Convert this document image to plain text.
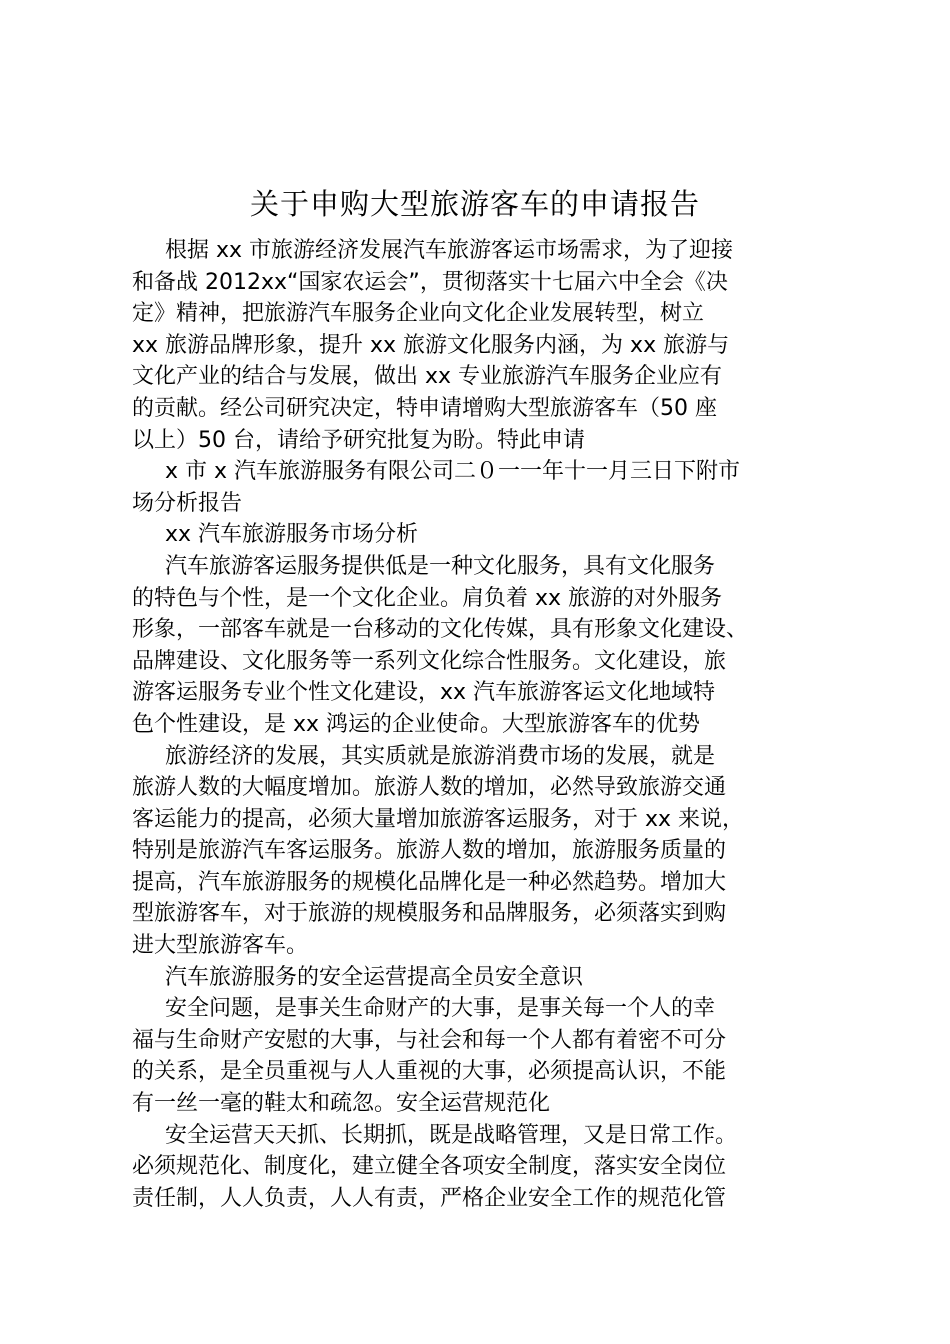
关于申购大型旅游客车的申请报告
根据 xx 市旅游经济发展汽车旅游客运市场需求，为了迎接
和备战 2012xx“国家农运会”，贯彻落实十七届六中全会《决
定》精神，把旅游汽车服务企业向文化企业发展转型，树立
xx 旅游品牌形象，提升 xx 旅游文化服务内涵，为 xx 旅游与
文化产业的结合与发展，做出 xx 专业旅游汽车服务企业应有
的贡献。经公司研究决定，特申请增购大型旅游客车（50 座
以上）50 台，请给予研究批复为盼。特此申请
x 市 x 汽车旅游服务有限公司二０一一年十一月三日下附市
场分析报告
xx 汽车旅游服务市场分析
汽车旅游客运服务提供低是一种文化服务，具有文化服务
的特色与个性，是一个文化企业。肩负着 xx 旅游的对外服务
形象，一部客车就是一台移动的文化传媒，具有形象文化建设、
品牌建设、文化服务等一系列文化综合性服务。文化建设，旅
游客运服务专业个性文化建设，xx 汽车旅游客运文化地域特
色个性建设，是 xx 鸿运的企业使命。大型旅游客车的优势
旅游经济的发展，其实质就是旅游消费市场的发展，就是
旅游人数的大幅度增加。旅游人数的增加，必然导致旅游交通
客运能力的提高，必须大量增加旅游客运服务，对于 xx 来说，
特别是旅游汽车客运服务。旅游人数的增加，旅游服务质量的
提高，汽车旅游服务的规模化品牌化是一种必然趋势。增加大
型旅游客车，对于旅游的规模服务和品牌服务，必须落实到购
进大型旅游客车。
汽车旅游服务的安全运营提高全员安全意识
安全问题，是事关生命财产的大事，是事关每一个人的幸
福与生命财产安慰的大事，与社会和每一个人都有着密不可分
的关系，是全员重视与人人重视的大事，必须提高认识，不能
有一丝一毫的鞋太和疏忽。安全运营规范化
安全运营天天抓、长期抓，既是战略管理，又是日常工作。
必须规范化、制度化，建立健全各项安全制度，落实安全岗位
责任制，人人负责，人人有责，严格企业安全工作的规范化管
